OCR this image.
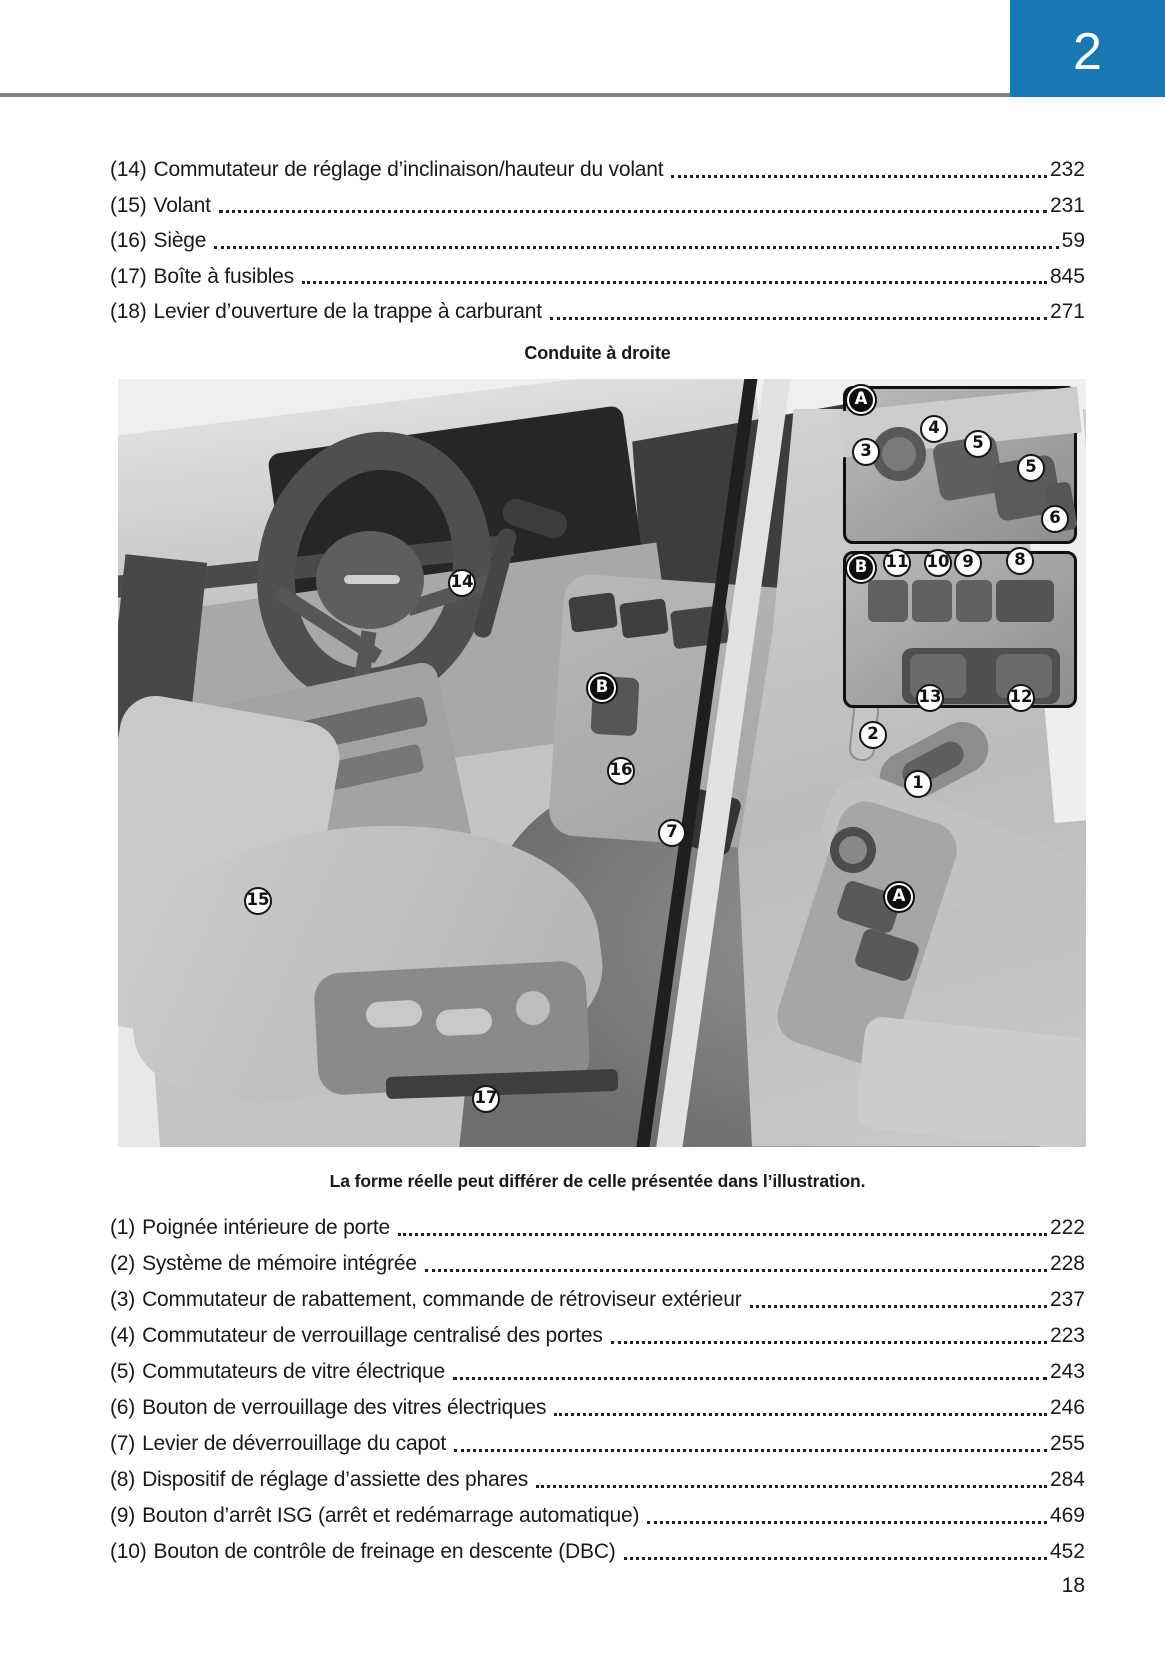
2
(14) Commutateur de réglage d’inclinaison/hauteur du volant	232
(15) Volant	231
(16) Siège	59
(17) Boîte à fusibles	845
(18) Levier d’ouverture de la trappe à carburant	271
Conduite à droite
A
3
4
5
5
6
B	11 10 9	8
13	12
14
B
16
7
15
17
2
1
A
La forme réelle peut différer de celle présentée dans l’illustration.
(1) Poignée intérieure de porte	222
(2) Système de mémoire intégrée	228
(3) Commutateur de rabattement, commande de rétroviseur extérieur	237
(4) Commutateur de verrouillage centralisé des portes	223
(5) Commutateurs de vitre électrique	243
(6) Bouton de verrouillage des vitres électriques	246
(7) Levier de déverrouillage du capot	255
(8) Dispositif de réglage d’assiette des phares	284
(9) Bouton d’arrêt ISG (arrêt et redémarrage automatique)	469
(10) Bouton de contrôle de freinage en descente (DBC)	452
18
